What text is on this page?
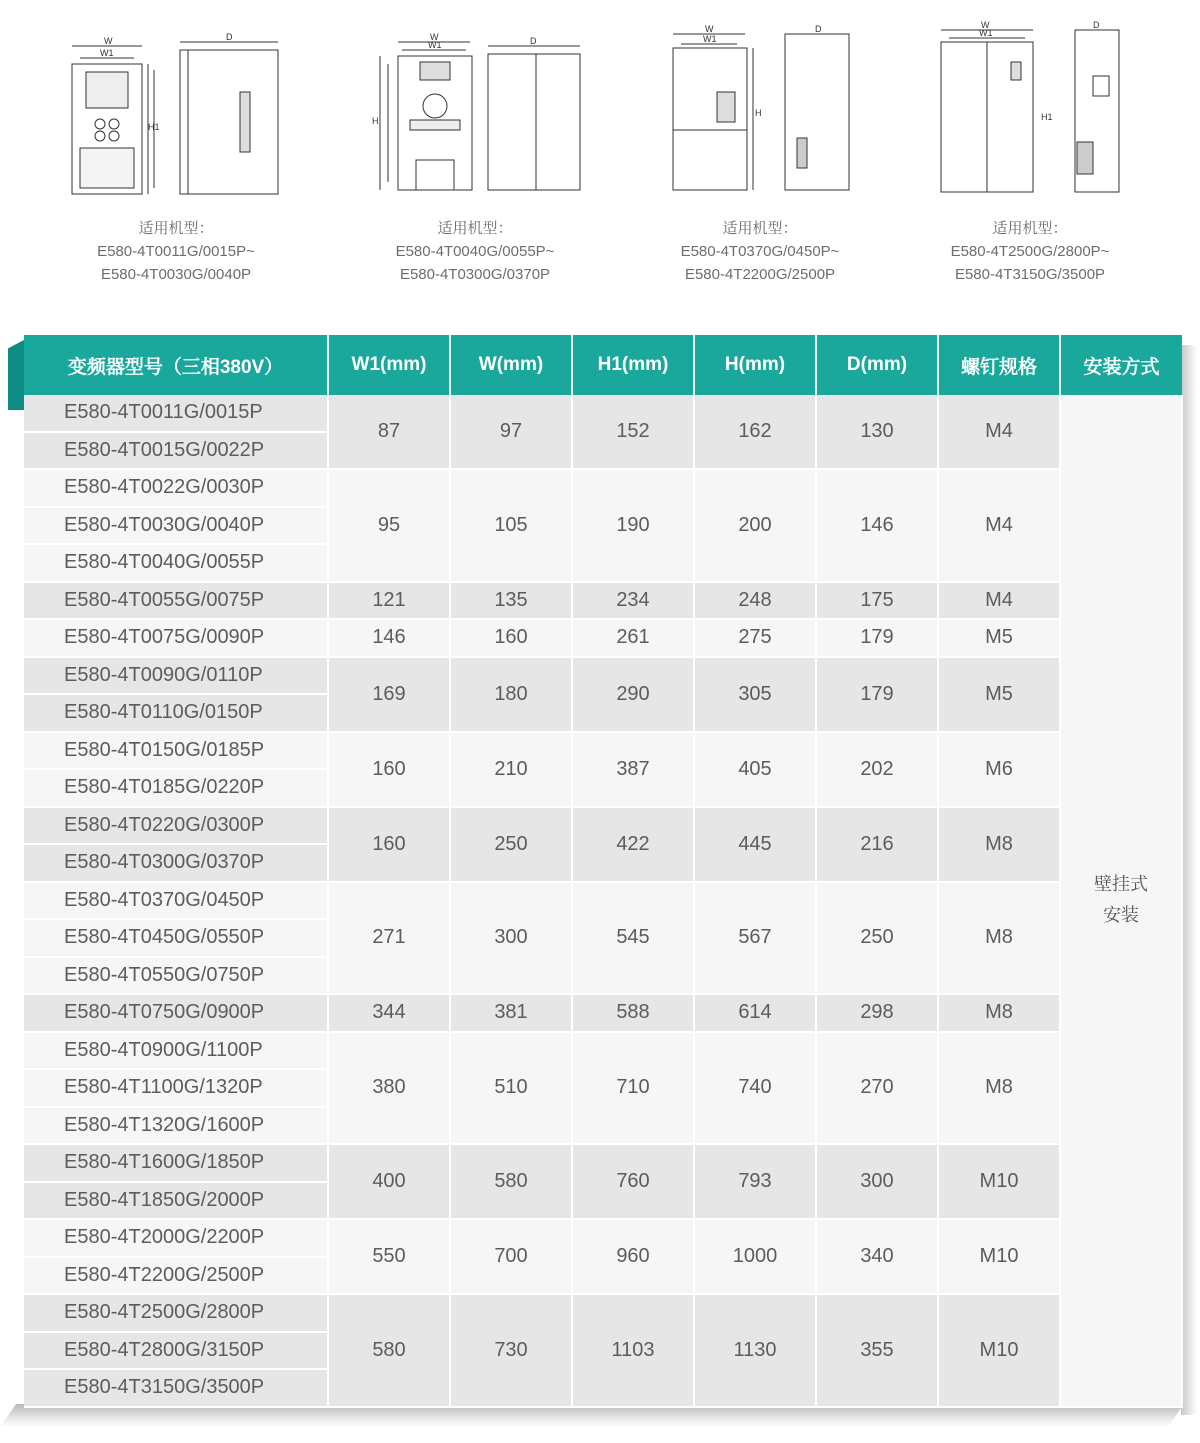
W
W1
D
H1
W
W1	D
H
W
W1
D
H
W
W1
D
H1
适用机型：
E580-4T0011G/0015P~
E580-4T0030G/0040P
适用机型：
E580-4T0040G/0055P~
E580-4T0300G/0370P
适用机型：
E580-4T0370G/0450P~
E580-4T2200G/2500P
适用机型：
E580-4T2500G/2800P~
E580-4T3150G/3500P
变频器型号（三相380V）	W1(mm)	W(mm)	H1(mm)	H(mm)	D(mm)	螺钉规格	安装方式
E580-4T0011G/0015P	87	97	152	162	130	M4	壁挂式
安装

E580-4T0015G/0022P							
E580-4T0022G/0030P	95	105	190	200	146	M4	
E580-4T0030G/0040P							
E580-4T0040G/0055P							
E580-4T0055G/0075P	121	135	234	248	175	M4	
E580-4T0075G/0090P	146	160	261	275	179	M5	
E580-4T0090G/0110P	169	180	290	305	179	M5	
E580-4T0110G/0150P							
E580-4T0150G/0185P	160	210	387	405	202	M6	
E580-4T0185G/0220P							
E580-4T0220G/0300P	160	250	422	445	216	M8	
E580-4T0300G/0370P							
E580-4T0370G/0450P	271	300	545	567	250	M8	
E580-4T0450G/0550P							
E580-4T0550G/0750P							
E580-4T0750G/0900P	344	381	588	614	298	M8	
E580-4T0900G/1100P	380	510	710	740	270	M8	
E580-4T1100G/1320P							
E580-4T1320G/1600P							
E580-4T1600G/1850P	400	580	760	793	300	M10	
E580-4T1850G/2000P							
E580-4T2000G/2200P	550	700	960	1000	340	M10	
E580-4T2200G/2500P							
E580-4T2500G/2800P	580	730	1103	1130	355	M10	
E580-4T2800G/3150P							
E580-4T3150G/3500P							
